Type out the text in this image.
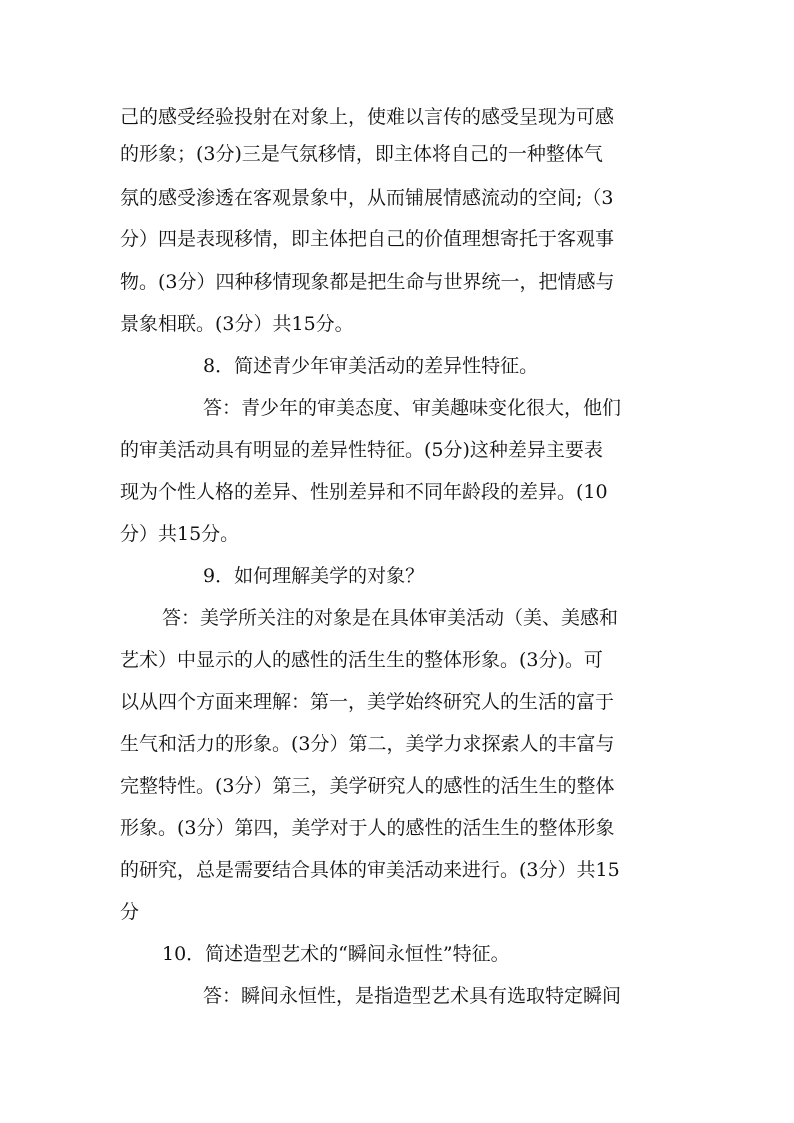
己的感受经验投射在对象上，使难以言传的感受呈现为可感
的形象；(3分)三是气氛移情，即主体将自己的一种整体气
氛的感受渗透在客观景象中，从而铺展情感流动的空间;（3
分）四是表现移情，即主体把自己的价值理想寄托于客观事
物。(3分）四种移情现象都是把生命与世界统一，把情感与
景象相联。(3分）共15分。
8．简述青少年审美活动的差异性特征。
答：青少年的审美态度、审美趣味变化很大，他们
的审美活动具有明显的差异性特征。(5分)这种差异主要表
现为个性人格的差异、性别差异和不同年龄段的差异。(10
分）共15分。
9．如何理解美学的对象？
答：美学所关注的对象是在具体审美活动（美、美感和
艺术）中显示的人的感性的活生生的整体形象。(3分)。可
以从四个方面来理解：第一，美学始终研究人的生活的富于
生气和活力的形象。(3分）第二，美学力求探索人的丰富与
完整特性。(3分）第三，美学研究人的感性的活生生的整体
形象。(3分）第四，美学对于人的感性的活生生的整体形象
的研究，总是需要结合具体的审美活动来进行。(3分）共15
分
10．简述造型艺术的“瞬间永恒性”特征。
答：瞬间永恒性，是指造型艺术具有选取特定瞬间
